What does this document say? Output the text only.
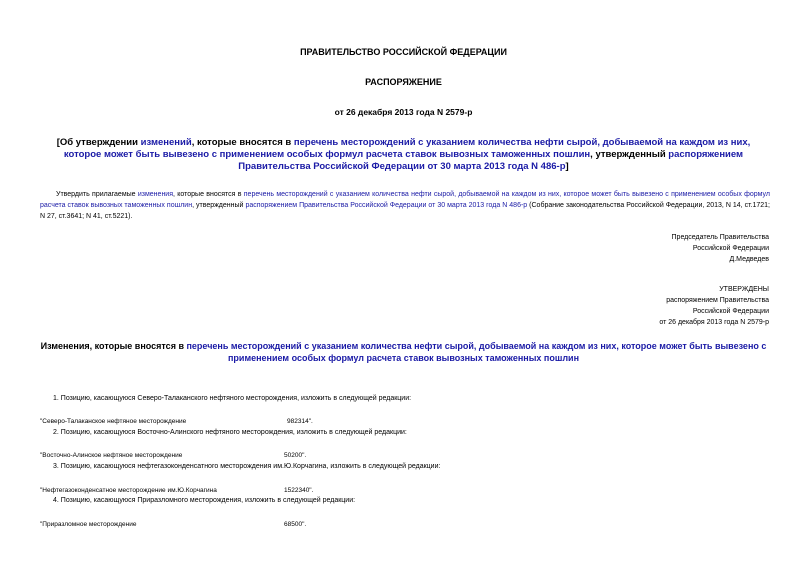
ПРАВИТЕЛЬСТВО РОССИЙСКОЙ ФЕДЕРАЦИИ
РАСПОРЯЖЕНИЕ
от 26 декабря 2013 года N 2579-р
[Об утверждении изменений, которые вносятся в перечень месторождений с указанием количества нефти сырой, добываемой на каждом из них, которое может быть вывезено с применением особых формул расчета ставок вывозных таможенных пошлин, утвержденный распоряжением Правительства Российской Федерации от 30 марта 2013 года N 486-р]
Утвердить прилагаемые изменения, которые вносятся в перечень месторождений с указанием количества нефти сырой, добываемой на каждом из них, которое может быть вывезено с применением особых формул расчета ставок вывозных таможенных пошлин, утвержденный распоряжением Правительства Российской Федерации от 30 марта 2013 года N 486-р (Собрание законодательства Российской Федерации, 2013, N 14, ст.1721; N 27, ст.3641; N 41, ст.5221).
Председатель Правительства
Российской Федерации
Д.Медведев
УТВЕРЖДЕНЫ
распоряжением Правительства
Российской Федерации
от 26 декабря 2013 года N 2579-р
Изменения, которые вносятся в перечень месторождений с указанием количества нефти сырой, добываемой на каждом из них, которое может быть вывезено с применением особых формул расчета ставок вывозных таможенных пошлин
1. Позицию, касающуюся Северо-Талаканского нефтяного месторождения, изложить в следующей редакции:
"Северо-Талаканское нефтяное месторождение	982314".
2. Позицию, касающуюся Восточно-Алинского нефтяного месторождения, изложить в следующей редакции:
"Восточно-Алинское нефтяное месторождение	50200".
3. Позицию, касающуюся нефтегазоконденсатного месторождения им.Ю.Корчагина, изложить в следующей редакции:
"Нефтегазоконденсатное месторождение им.Ю.Корчагина	1522340".
4. Позицию, касающуюся Приразломного месторождения, изложить в следующей редакции:
"Приразломное месторождение	68500".
